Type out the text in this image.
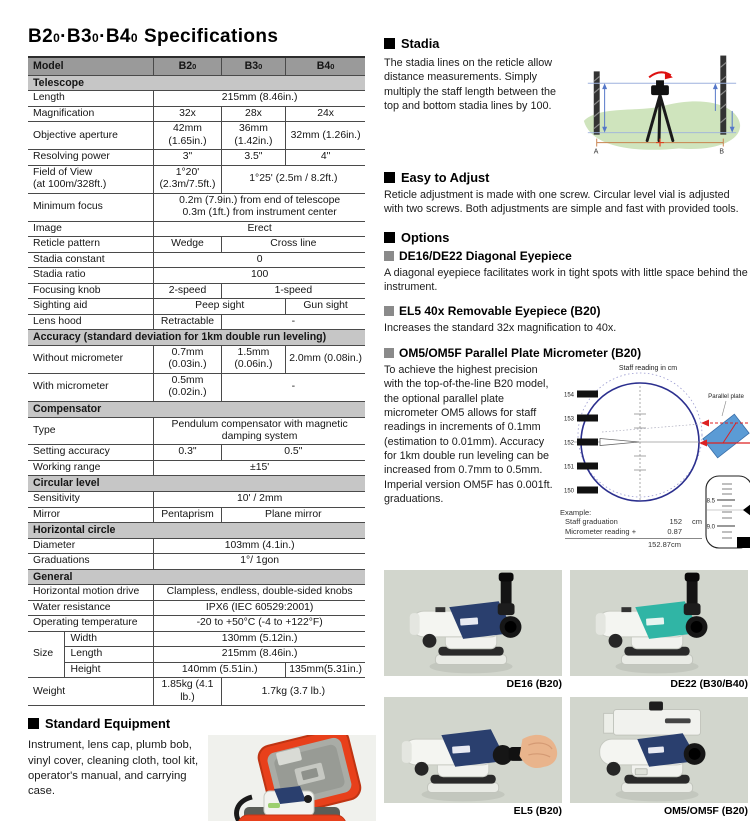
B20·B30·B40 Specifications
Model		B20	B30	B40
Telescope				
Length		215mm (8.46in.)		
Magnification		32x	28x	24x
Objective aperture		42mm (1.65in.)	36mm (1.42in.)	32mm (1.26in.)
Resolving power		3"	3.5"	4"

Field of View
(at 100m/328ft.)		1°20' (2.3m/7.5ft.)	1°25' (2.5m / 8.2ft.)	
Minimum focus		0.2m (7.9in.) from end of telescope
0.3m (1ft.) from instrument center		

Image		Erect		
Reticle pattern		Wedge	Cross line	
Stadia constant		0		
Stadia ratio		100		
Focusing knob		2-speed	1-speed	
Sighting aid		Peep sight		Gun sight
Lens hood		Retractable	-	
Accuracy (standard deviation for 1km double run leveling)				
Without micrometer		0.7mm (0.03in.)	1.5mm (0.06in.)	2.0mm (0.08in.)
With micrometer		0.5mm (0.02in.)	-	
Compensator				
Type		Pendulum compensator with magnetic damping system		
Setting accuracy		0.3"	0.5"	
Working range		±15'		
Circular level				
Sensitivity		10' / 2mm		
Mirror		Pentaprism	Plane mirror	
Horizontal circle				
Diameter		103mm (4.1in.)		
Graduations		1°/ 1gon		
General				
Horizontal motion drive		Clampless, endless, double-sided knobs		
Water resistance		IPX6 (IEC 60529:2001)		
Operating temperature		-20 to +50°C (-4 to +122°F)		
Size	Width	130mm (5.12in.)		
	Length	215mm (8.46in.)		
	Height	140mm (5.51in.)		135mm(5.31in.)
Weight		1.85kg (4.1 lb.)	1.7kg (3.7 lb.)	
Standard Equipment

Instrument, lens cap, plumb bob, vinyl cover, cleaning cloth, tool kit, operator's manual, and carrying case.

Stadia

The stadia lines on the reticle allow distance measurements. Simply multiply the staff length between the top and bottom stadia lines by 100.

A	B
Easy to Adjust

Reticle adjustment is made with one screw. Circular level vial is adjusted with two screws. Both adjustments are simple and fast with provided tools.

Options
DE16/DE22 Diagonal Eyepiece

A diagonal eyepiece facilitates work in tight spots with little space behind the instrument.

EL5 40x Removable Eyepiece (B20)

Increases the standard 32x magnification to 40x.

OM5/OM5F Parallel Plate Micrometer (B20)

To achieve the highest precision with the top-of-the-line B20 model, the optional parallel plate micrometer OM5 allows for staff readings in increments of 0.1mm (estimation to 0.01mm). Accuracy for 1km double run leveling can be increased from 0.7mm to 0.5mm. Imperial version OM5F has 0.001ft. graduations.

Staff reading in cm
154
153
152
151
150
Parallel plate
8.5
9.0
Example:
Staff graduation	152	cm
Micrometer reading +	0.87
152.87cm
DE16 (B20)	DE22 (B30/B40)
EL5 (B20)	OM5/OM5F (B20)
